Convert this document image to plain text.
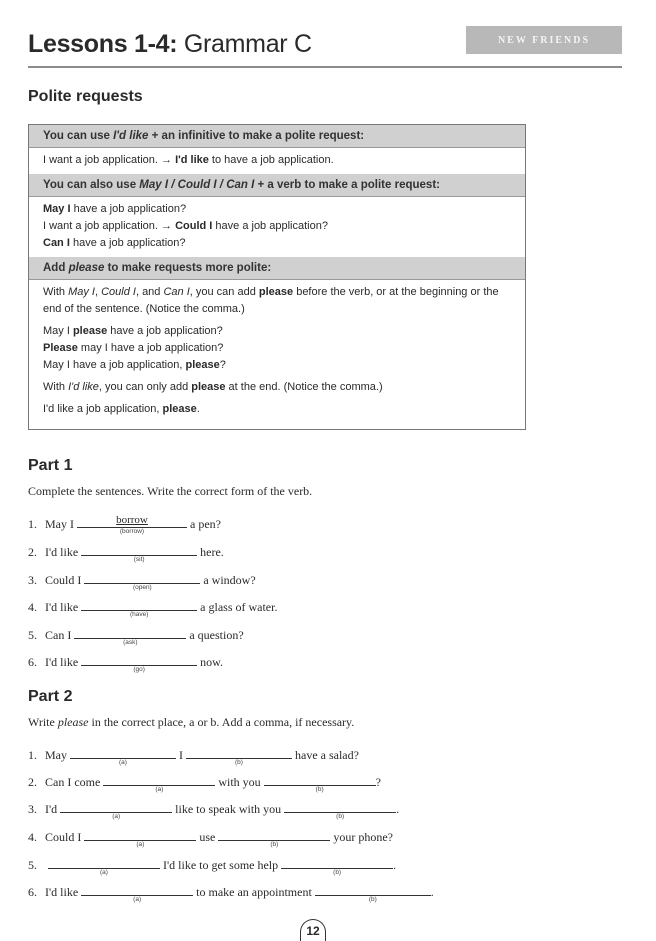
Lessons 1-4: Grammar C	NEW FRIENDS
Polite requests
You can use I'd like + an infinitive to make a polite request:

I want a job application. → I'd like to have a job application.

You can also use May I / Could I / Can I + a verb to make a polite request:

May I have a job application?

I want a job application. → Could I have a job application?

Can I have a job application?

Add please to make requests more polite:

With May I, Could I, and Can I, you can add please before the verb, or at the beginning or the end of the sentence. (Notice the comma.)

May I please have a job application?

Please may I have a job application?

May I have a job application, please?

With I'd like, you can only add please at the end. (Notice the comma.)

I'd like a job application, please.

Part 1
Complete the sentences. Write the correct form of the verb.
1. May I	borrow
(borrow)
a pen?
2. I'd like
(sit)
here.
3. Could I
(open)
a window?
4. I'd like
(have)
a glass of water.
5. Can I
(ask)
a question?
6. I'd like
(go)
now.
Part 2
Write please in the correct place, a or b. Add a comma, if necessary.
1. May
(a)
I
(b)
have a salad?
2. Can I come
(a)
with you
(b)
?
3. I'd
(a)
like to speak with you
(b)
.
4. Could I
(a)
use
(b)
your phone?
5.
(a)
I'd like to get some help
(b)
.
6. I'd like
(a)
to make an appointment
(b)
.
12
